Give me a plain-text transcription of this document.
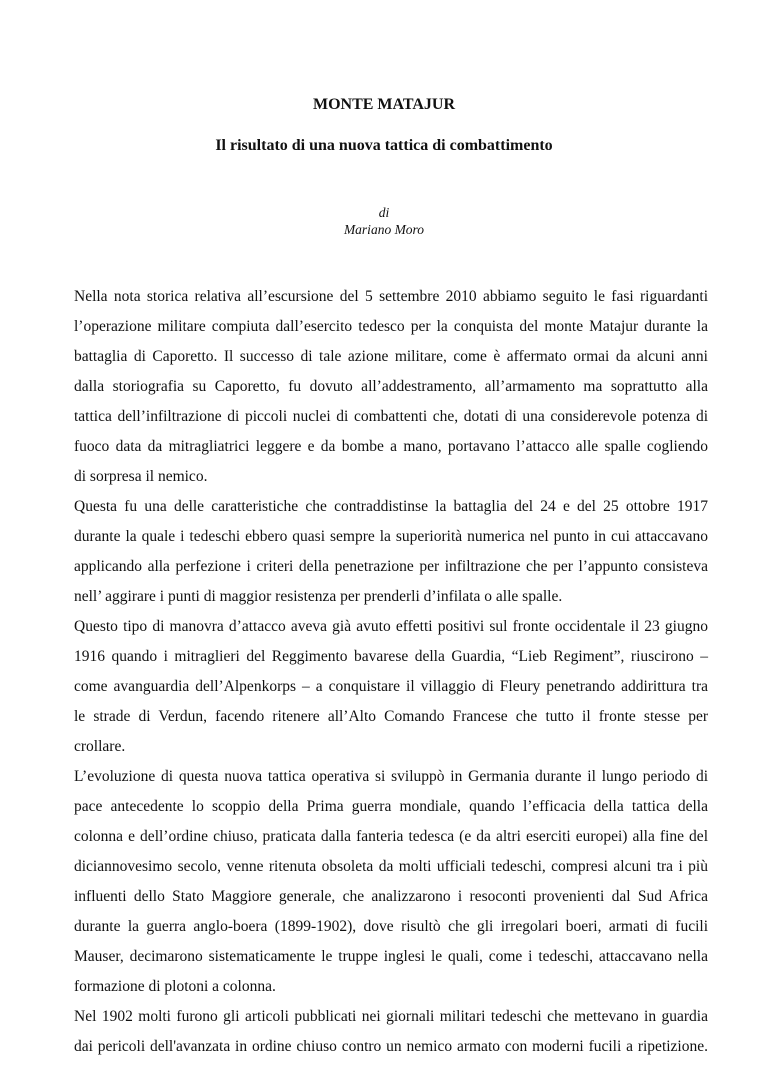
MONTE MATAJUR
Il risultato di una nuova tattica di combattimento
di
Mariano Moro
Nella nota storica relativa all’escursione del 5 settembre 2010 abbiamo seguito le fasi riguardanti
l’operazione militare compiuta dall’esercito tedesco per la conquista del monte Matajur durante la
battaglia di Caporetto. Il successo di tale azione militare, come è affermato ormai da alcuni anni
dalla storiografia su Caporetto, fu dovuto all’addestramento, all’armamento ma soprattutto alla
tattica dell’infiltrazione di piccoli nuclei di combattenti che, dotati di una considerevole potenza di
fuoco data da mitragliatrici leggere e da bombe a mano, portavano l’attacco alle spalle cogliendo
di sorpresa il nemico.
Questa fu una delle caratteristiche che contraddistinse la battaglia del 24 e del 25 ottobre 1917
durante la quale i tedeschi ebbero quasi sempre la superiorità numerica nel punto in cui attaccavano
applicando alla perfezione i criteri della penetrazione per infiltrazione che per l’appunto consisteva
nell’ aggirare i punti di maggior resistenza per prenderli d’infilata o alle spalle.
Questo tipo di manovra d’attacco aveva già avuto effetti positivi sul fronte occidentale il 23 giugno
1916 quando i mitraglieri del Reggimento bavarese della Guardia, “Lieb Regiment”, riuscirono –
come avanguardia dell’Alpenkorps – a conquistare il villaggio di Fleury penetrando addirittura tra
le strade di Verdun, facendo ritenere all’Alto Comando Francese che tutto il fronte stesse per
crollare.
L’evoluzione di questa nuova tattica operativa si sviluppò in Germania durante il lungo periodo di
pace antecedente lo scoppio della Prima guerra mondiale, quando l’efficacia della tattica della
colonna e dell’ordine chiuso, praticata dalla fanteria tedesca (e da altri eserciti europei) alla fine del
diciannovesimo secolo, venne ritenuta obsoleta da molti ufficiali tedeschi, compresi alcuni tra i più
influenti dello Stato Maggiore generale, che analizzarono i resoconti provenienti dal Sud Africa
durante la guerra anglo-boera (1899-1902), dove risultò che gli irregolari boeri, armati di fucili
Mauser, decimarono sistematicamente le truppe inglesi le quali, come i tedeschi, attaccavano nella
formazione di plotoni a colonna.
Nel 1902 molti furono gli articoli pubblicati nei giornali militari tedeschi che mettevano in guardia
dai pericoli dell'avanzata in ordine chiuso contro un nemico armato con moderni fucili a ripetizione.
